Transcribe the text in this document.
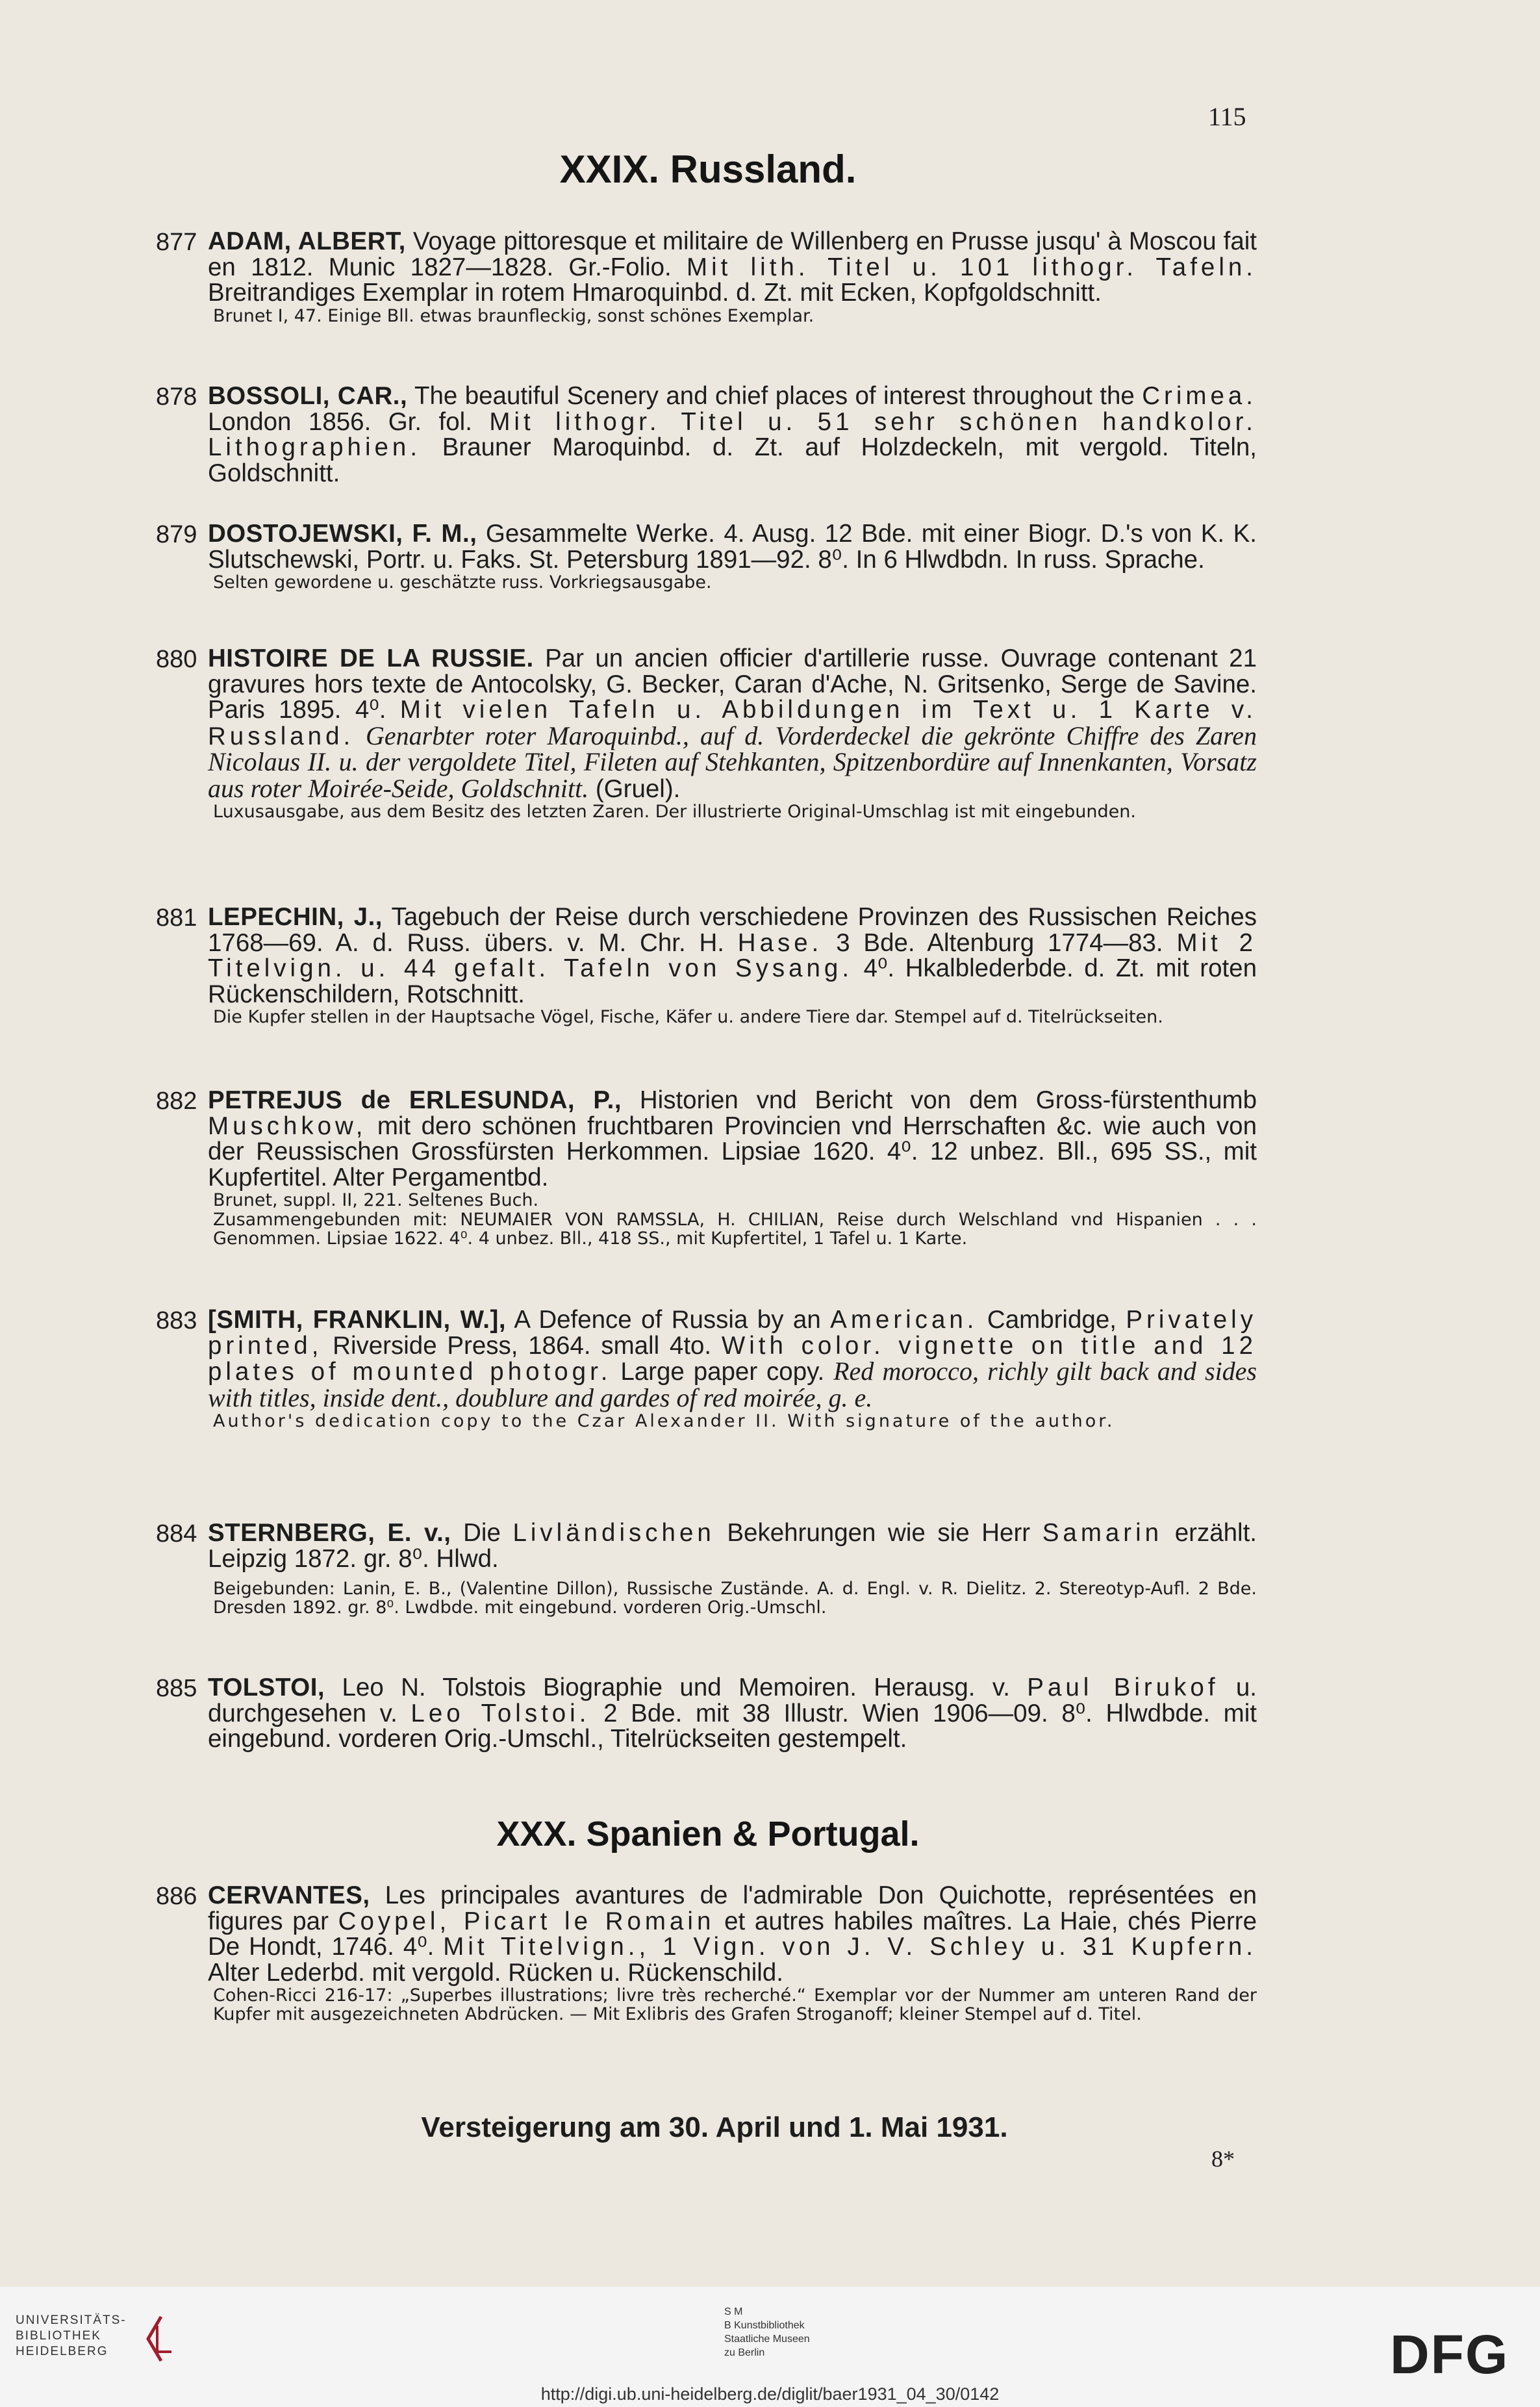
115
XXIX. Russland.
877 ADAM, ALBERT, Voyage pittoresque et militaire de Willenberg en Prusse jusqu' à Moscou fait en 1812. Munic 1827—1828. Gr.-Folio. Mit lith. Titel u. 101 lithogr. Tafeln. Breitrandiges Exemplar in rotem Hmaroquinbd. d. Zt. mit Ecken, Kopfgoldschnitt.
Brunet I, 47. Einige Bll. etwas braunfleckig, sonst schönes Exemplar.
878 BOSSOLI, CAR., The beautiful Scenery and chief places of interest throughout the Crimea. London 1856. Gr. fol. Mit lithogr. Titel u. 51 sehr schönen handkolor. Lithographien. Brauner Maroquinbd. d. Zt. auf Holzdeckeln, mit vergold. Titeln, Goldschnitt.
879 DOSTOJEWSKI, F. M., Gesammelte Werke. 4. Ausg. 12 Bde. mit einer Biogr. D.'s von K. K. Slutschewski, Portr. u. Faks. St. Petersburg 1891—92. 8⁰. In 6 Hlwdbdn. In russ. Sprache.
Selten gewordene u. geschätzte russ. Vorkriegsausgabe.
880 HISTOIRE DE LA RUSSIE. Par un ancien officier d'artillerie russe. Ouvrage contenant 21 gravures hors texte de Antocolsky, G. Becker, Caran d'Ache, N. Gritsenko, Serge de Savine. Paris 1895. 4⁰. Mit vielen Tafeln u. Abbildungen im Text u. 1 Karte v. Russland. Genarbter roter Maroquinbd., auf d. Vorderdeckel die gekrönte Chiffre des Zaren Nicolaus II. u. der vergoldete Titel, Fileten auf Stehkanten, Spitzenbordüre auf Innenkanten, Vorsatz aus roter Moirée-Seide, Goldschnitt. (Gruel).
Luxusausgabe, aus dem Besitz des letzten Zaren. Der illustrierte Original-Umschlag ist mit eingebunden.
881 LEPECHIN, J., Tagebuch der Reise durch verschiedene Provinzen des Russischen Reiches 1768—69. A. d. Russ. übers. v. M. Chr. H. Hase. 3 Bde. Altenburg 1774—83. Mit 2 Titelvign. u. 44 gefalt. Tafeln von Sysang. 4⁰. Hkalblederbde. d. Zt. mit roten Rückenschildern, Rotschnitt.
Die Kupfer stellen in der Hauptsache Vögel, Fische, Käfer u. andere Tiere dar. Stempel auf d. Titelrückseiten.
882 PETREJUS de ERLESUNDA, P., Historien vnd Bericht von dem Gross-fürstenthumb Muschkow, mit dero schönen fruchtbaren Provincien vnd Herrschaften &c. wie auch von der Reussischen Grossfürsten Herkommen. Lipsiae 1620. 4⁰. 12 unbez. Bll., 695 SS., mit Kupfertitel. Alter Pergamentbd.
Brunet, suppl. II, 221. Seltenes Buch.
Zusammengebunden mit: NEUMAIER VON RAMSSLA, H. CHILIAN, Reise durch Welschland vnd Hispanien . . . Genommen. Lipsiae 1622. 4⁰. 4 unbez. Bll., 418 SS., mit Kupfertitel, 1 Tafel u. 1 Karte.
883 [SMITH, FRANKLIN, W.], A Defence of Russia by an American. Cambridge, Privately printed, Riverside Press, 1864. small 4to. With color. vignette on title and 12 plates of mounted photogr. Large paper copy. Red morocco, richly gilt back and sides with titles, inside dent., doublure and gardes of red moirée, g. e.
Author's dedication copy to the Czar Alexander II. With signature of the author.
884 STERNBERG, E. v., Die Livländischen Bekehrungen wie sie Herr Samarin erzählt. Leipzig 1872. gr. 8⁰. Hlwd.
Beigebunden: Lanin, E. B., (Valentine Dillon), Russische Zustände. A. d. Engl. v. R. Dielitz. 2. Stereotyp-Aufl. 2 Bde. Dresden 1892. gr. 8⁰. Lwdbde. mit eingebund. vorderen Orig.-Umschl.
885 TOLSTOI, Leo N. Tolstois Biographie und Memoiren. Herausg. v. Paul Birukof u. durchgesehen v. Leo Tolstoi. 2 Bde. mit 38 Illustr. Wien 1906—09. 8⁰. Hlwdbde. mit eingebund. vorderen Orig.-Umschl., Titelrückseiten gestempelt.
XXX. Spanien & Portugal.
886 CERVANTES, Les principales avantures de l'admirable Don Quichotte, représentées en figures par Coypel, Picart le Romain et autres habiles maîtres. La Haie, chés Pierre De Hondt, 1746. 4⁰. Mit Titelvign., 1 Vign. von J. V. Schley u. 31 Kupfern. Alter Lederbd. mit vergold. Rücken u. Rückenschild.
Cohen-Ricci 216-17: „Superbes illustrations; livre très recherché.“ Exemplar vor der Nummer am unteren Rand der Kupfer mit ausgezeichneten Abdrücken. — Mit Exlibris des Grafen Stroganoff; kleiner Stempel auf d. Titel.
Versteigerung am 30. April und 1. Mai 1931.
8*
UNIVERSITÄTS-
BIBLIOTHEK
HEIDELBERG
S M
B Kunstbibliothek
Staatliche Museen
zu Berlin	DFG
http://digi.ub.uni-heidelberg.de/diglit/baer1931_04_30/0142
